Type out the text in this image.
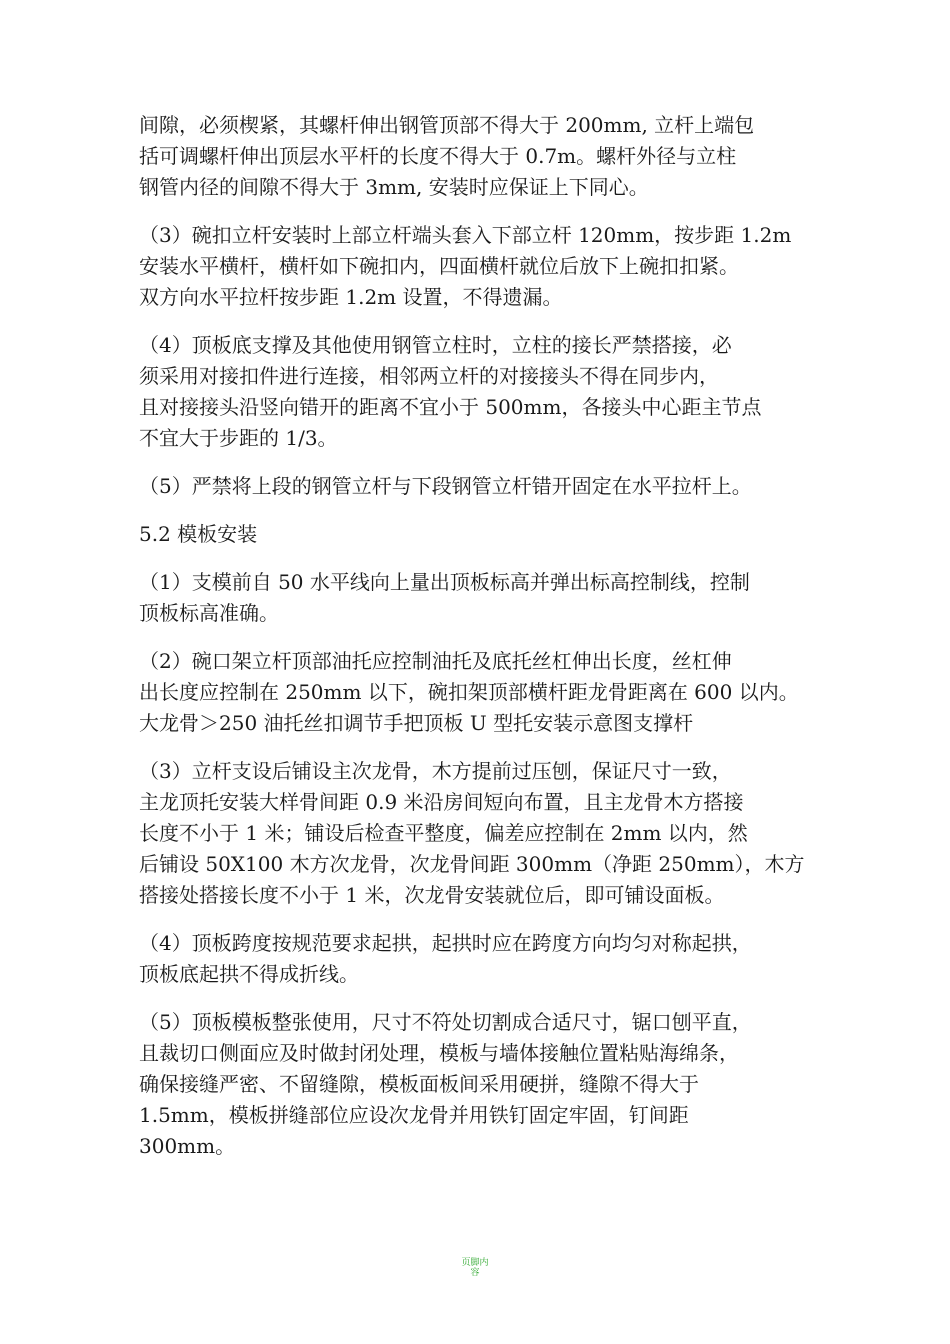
间隙，必须楔紧，其螺杆伸出钢管顶部不得大于 200mm, 立杆上端包
括可调螺杆伸出顶层水平杆的长度不得大于 0.7m。螺杆外径与立柱
钢管内径的间隙不得大于 3mm, 安装时应保证上下同心。

（3）碗扣立杆安装时上部立杆端头套入下部立杆 120mm，按步距 1.2m
安装水平横杆，横杆如下碗扣内，四面横杆就位后放下上碗扣扣紧。
双方向水平拉杆按步距 1.2m 设置，不得遗漏。

（4）顶板底支撑及其他使用钢管立柱时，立柱的接长严禁搭接，必
须采用对接扣件进行连接，相邻两立杆的对接接头不得在同步内，
且对接接头沿竖向错开的距离不宜小于 500mm，各接头中心距主节点
不宜大于步距的 1/3。

（5）严禁将上段的钢管立杆与下段钢管立杆错开固定在水平拉杆上。

5.2 模板安装

（1）支模前自 50 水平线向上量出顶板标高并弹出标高控制线，控制
顶板标高准确。

（2）碗口架立杆顶部油托应控制油托及底托丝杠伸出长度，丝杠伸
出长度应控制在 250mm 以下，碗扣架顶部横杆距龙骨距离在 600 以内。
大龙骨＞250 油托丝扣调节手把顶板 U 型托安装示意图支撑杆

（3）立杆支设后铺设主次龙骨，木方提前过压刨，保证尺寸一致，
主龙顶托安装大样骨间距 0.9 米沿房间短向布置，且主龙骨木方搭接
长度不小于 1 米；铺设后检查平整度，偏差应控制在 2mm 以内，然
后铺设 50X100 木方次龙骨，次龙骨间距 300mm（净距 250mm），木方
搭接处搭接长度不小于 1 米，次龙骨安装就位后，即可铺设面板。

（4）顶板跨度按规范要求起拱，起拱时应在跨度方向均匀对称起拱，
顶板底起拱不得成折线。

（5）顶板模板整张使用，尺寸不符处切割成合适尺寸，锯口刨平直，
且裁切口侧面应及时做封闭处理，模板与墙体接触位置粘贴海绵条，
确保接缝严密、不留缝隙，模板面板间采用硬拼，缝隙不得大于
1.5mm，模板拼缝部位应设次龙骨并用铁钉固定牢固，钉间距
300mm。

页脚内容
